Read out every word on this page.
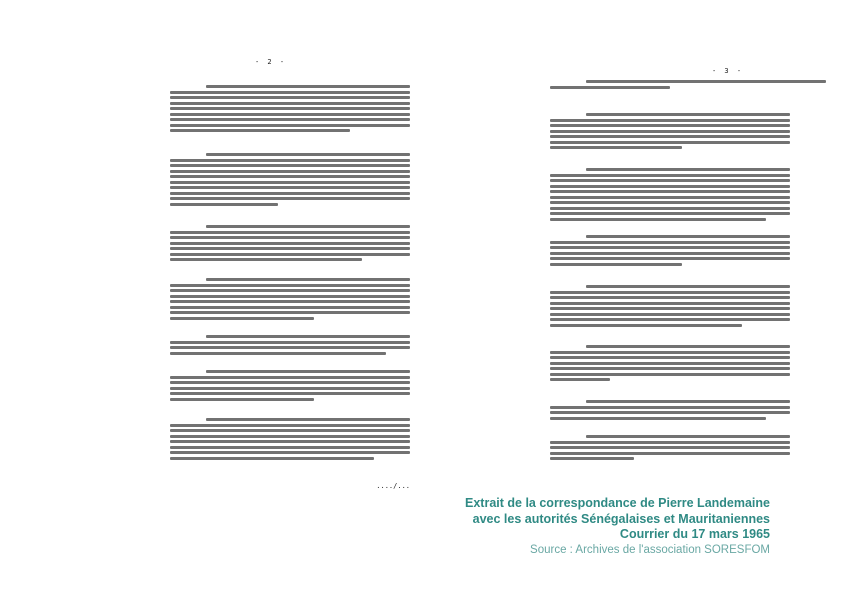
- 2 -
..../...
- 3 -
Extrait de la correspondance de Pierre Landemaine
avec les autorités Sénégalaises et Mauritaniennes
Courrier du 17 mars 1965
Source : Archives de l'association SORESFOM
